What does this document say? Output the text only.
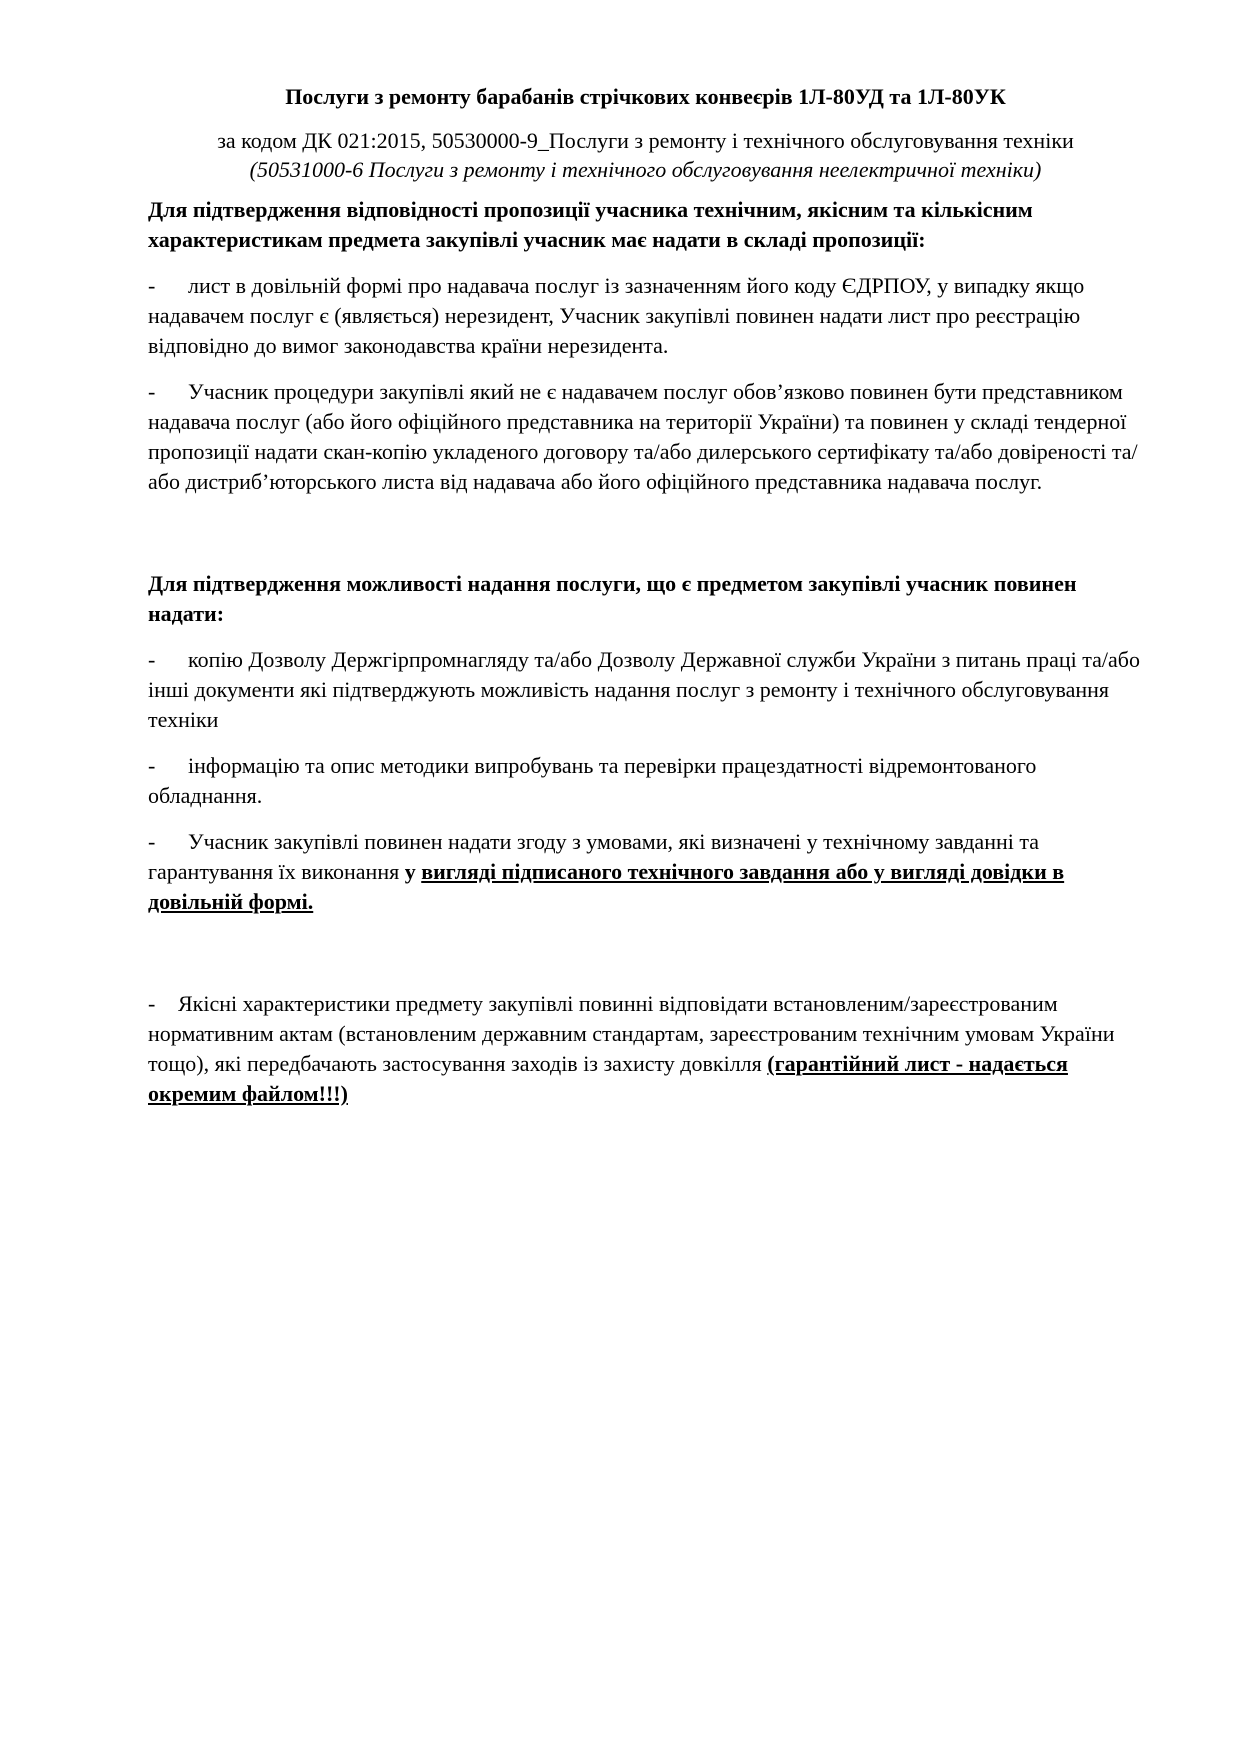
Послуги з ремонту барабанів стрічкових конвеєрів 1Л-80УД та 1Л-80УК

за кодом ДК 021:2015, 50530000-9_Послуги з ремонту і технічного обслуговування техніки
(50531000-6 Послуги з ремонту і технічного обслуговування неелектричної техніки)

Для підтвердження відповідності пропозиції учасника технічним, якісним та кількісним характеристикам предмета закупівлі учасник має надати в складі пропозиції:

- лист в довільній формі про надавача послуг із зазначенням його коду ЄДРПОУ, у випадку якщо надавачем послуг є (являється) нерезидент, Учасник закупівлі повинен надати лист про реєстрацію відповідно до вимог законодавства країни нерезидента.

- Учасник процедури закупівлі який не є надавачем послуг обов’язково повинен бути представником надавача послуг (або його офіційного представника на території України) та повинен у складі тендерної пропозиції надати скан-копію укладеного договору та/або дилерського сертифікату та/або довіреності та/або дистриб’юторського листа від надавача або його офіційного представника надавача послуг.

Для підтвердження можливості надання послуги, що є предметом закупівлі учасник повинен надати:

- копію Дозволу Держгірпромнагляду та/або Дозволу Державної служби України з питань праці та/або інші документи які підтверджують можливість надання послуг з ремонту і технічного обслуговування техніки

- інформацію та опис методики випробувань та перевірки працездатності відремонтованого обладнання.

- Учасник закупівлі повинен надати згоду з умовами, які визначені у технічному завданні та гарантування їх виконання у вигляді підписаного технічного завдання або у вигляді довідки в довільній формі.

- Якісні характеристики предмету закупівлі повинні відповідати встановленим/зареєстрованим нормативним актам (встановленим державним стандартам, зареєстрованим технічним умовам України тощо), які передбачають застосування заходів із захисту довкілля (гарантійний лист - надається окремим файлом!!!)
